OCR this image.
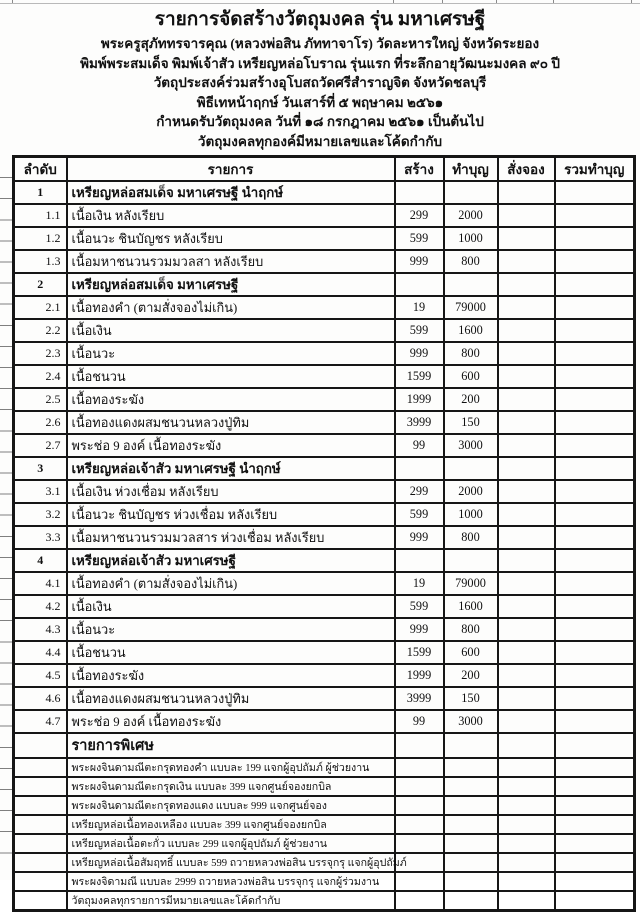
รายการจัดสร้างวัตถุมงคล รุ่น มหาเศรษฐี
พระครูสุภัททรจารคุณ (หลวงพ่อสิน ภัททาจาโร) วัดละหารใหญ่ จังหวัดระยอง
พิมพ์พระสมเด็จ พิมพ์เจ้าสัว เหรียญหล่อโบราณ รุ่นแรก ที่ระลึกอายุวัฒนะมงคล ๙๐ ปี
วัตถุประสงค์ร่วมสร้างอุโบสถวัดศรีสำราญจิต จังหวัดชลบุรี
พิธีเทหน้าฤกษ์ วันเสาร์ที่ ๕ พฤษาคม ๒๕๖๑
กำหนดรับวัตถุมงคล วันที่ ๑๘ กรกฎาคม ๒๕๖๑ เป็นต้นไป
วัตถุมงคลทุกองค์มีหมายเลขและโค้ดกำกับ
ลำดับ	รายการ	สร้าง	ทำบุญ	สั่งจอง	รวมทำบุญ
1	เหรียญหล่อสมเด็จ มหาเศรษฐี นำฤกษ์				
1.1	เนื้อเงิน หลังเรียบ	299	2000		
1.2	เนื้อนวะ ชินบัญชร หลังเรียบ	599	1000		
1.3	เนื้อมหาชนวนรวมมวลสา หลังเรียบ	999	800		
2	เหรียญหล่อสมเด็จ มหาเศรษฐี				
2.1	เนื้อทองคำ (ตามสั่งจองไม่เกิน)	19	79000		
2.2	เนื้อเงิน	599	1600		
2.3	เนื้อนวะ	999	800		
2.4	เนื้อชนวน	1599	600		
2.5	เนื้อทองระฆัง	1999	200		
2.6	เนื้อทองแดงผสมชนวนหลวงปู่ทิม	3999	150		
2.7	พระช่อ 9 องค์ เนื้อทองระฆัง	99	3000		
3	เหรียญหล่อเจ้าสัว มหาเศรษฐี นำฤกษ์				
3.1	เนื้อเงิน ห่วงเชื่อม หลังเรียบ	299	2000		
3.2	เนื้อนวะ ชินบัญชร ห่วงเชื่อม หลังเรียบ	599	1000		
3.3	เนื้อมหาชนวนรวมมวลสาร ห่วงเชื่อม หลังเรียบ	999	800		
4	เหรียญหล่อเจ้าสัว มหาเศรษฐี				
4.1	เนื้อทองคำ (ตามสั่งจองไม่เกิน)	19	79000		
4.2	เนื้อเงิน	599	1600		
4.3	เนื้อนวะ	999	800		
4.4	เนื้อชนวน	1599	600		
4.5	เนื้อทองระฆัง	1999	200		
4.6	เนื้อทองแดงผสมชนวนหลวงปู่ทิม	3999	150		
4.7	พระช่อ 9 องค์ เนื้อทองระฆัง	99	3000		
	รายการพิเศษ				
	พระผงจินดามณีตะกรุดทองคำ แบบละ 199 แจกผู้อุปถัมภ์ ผู้ช่วยงาน				
	พระผงจินดามณีตะกรุดเงิน แบบละ 399 แจกศูนย์จองยกบิล				
	พระผงจินดามณีตะกรุดทองแดง แบบละ 999 แจกศูนย์จอง				
	เหรียญหล่อเนื้อทองเหลือง แบบละ 399 แจกศูนย์จองยกบิล				
	เหรียญหล่อเนื้อตะกั่ว แบบละ 299 แจกผู้อุปถัมภ์ ผู้ช่วยงาน				
	เหรียญหล่อเนื้อสัมฤทธิ์ แบบละ 599 ถวายหลวงพ่อสิน บรรจุกรุ แจกผู้อุปถัมภ์				
	พระผงจิดามณี แบบละ 2999 ถวายหลวงพ่อสิน บรรจุกรุ แจกผู้ร่วมงาน				
	วัตถุมงคลทุกรายการมีหมายเลขและโค้ดกำกับ				
